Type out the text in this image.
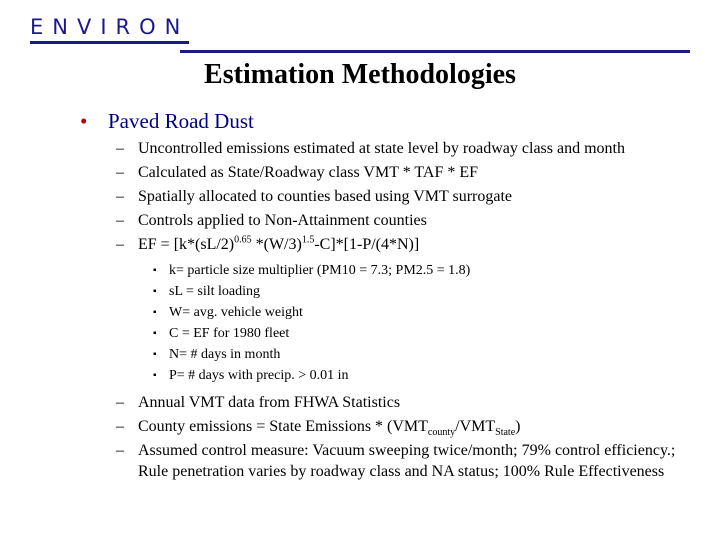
ENVIRON
Estimation Methodologies
• Paved Road Dust
– Uncontrolled emissions estimated at state level by roadway class and month
– Calculated as State/Roadway class VMT * TAF * EF
– Spatially allocated to counties based using VMT surrogate
– Controls applied to Non-Attainment counties
– EF = [$k*(sL/2)^{0.65}$ $*(W/3)^{1.5}-C]*[1-P/(4*N)]$
▪ k= particle size multiplier (PM10 = 7.3; PM2.5 = 1.8)
▪ sL = silt loading
▪ W= avg. vehicle weight
▪ C = EF for 1980 fleet
▪ N= # days in month
▪ P= # days with precip. > 0.01 in
– Annual VMT data from FHWA Statistics
– County emissions = State Emissions * $(VMT_{county}/VMT_{State})$
– Assumed control measure: Vacuum sweeping twice/month; 79% control efficiency.; Rule penetration varies by roadway class and NA status; 100% Rule Effectiveness
